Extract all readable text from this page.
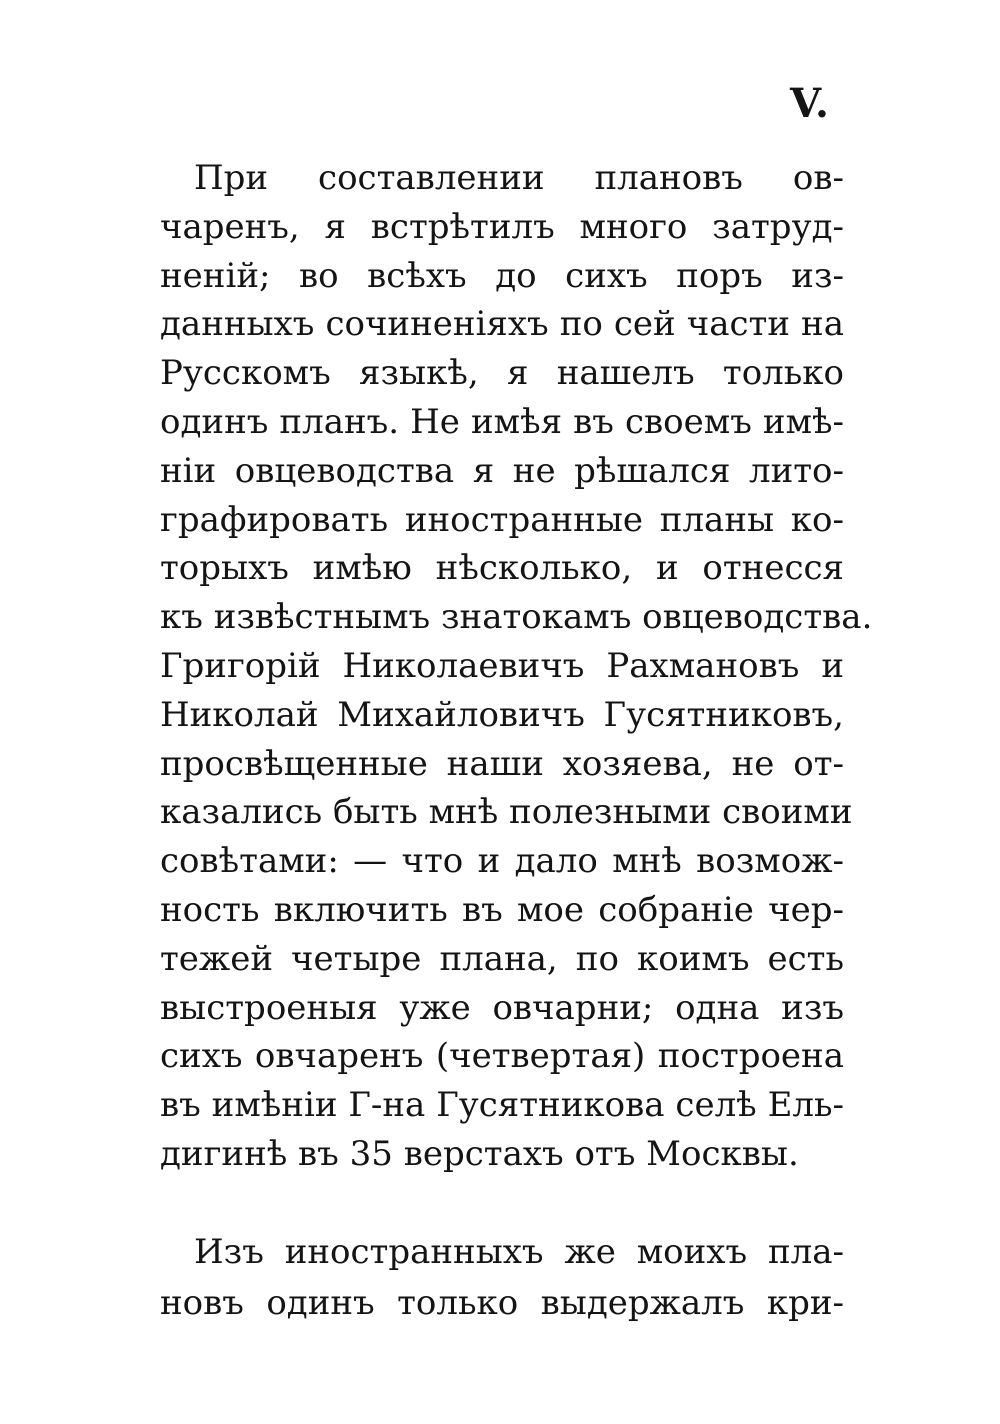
V.
При составлении плановъ ов-
чаренъ, я встрѣтилъ много затруд-
неній; во всѣхъ до сихъ поръ из-
данныхъ сочиненіяхъ по сей части на
Русскомъ языкѣ, я нашелъ только
одинъ планъ. Не имѣя въ своемъ имѣ-
ніи овцеводства я не рѣшался лито-
графировать иностранные планы ко-
торыхъ имѣю нѣсколько, и отнесся
къ извѣстнымъ знатокамъ овцеводства.
Григорій Николаевичъ Рахмановъ и
Николай Михайловичъ Гусятниковъ,
просвѣщенные наши хозяева, не от-
казались быть мнѣ полезными своими
совѣтами: — что и дало мнѣ возмож-
ность включить въ мое собраніе чер-
тежей четыре плана, по коимъ есть
выстроеныя уже овчарни; одна изъ
сихъ овчаренъ (четвертая) построена
въ имѣніи Г-на Гусятникова селѣ Ель-
дигинѣ въ 35 верстахъ отъ Москвы.
Изъ иностранныхъ же моихъ пла-
новъ одинъ только выдержалъ кри-
